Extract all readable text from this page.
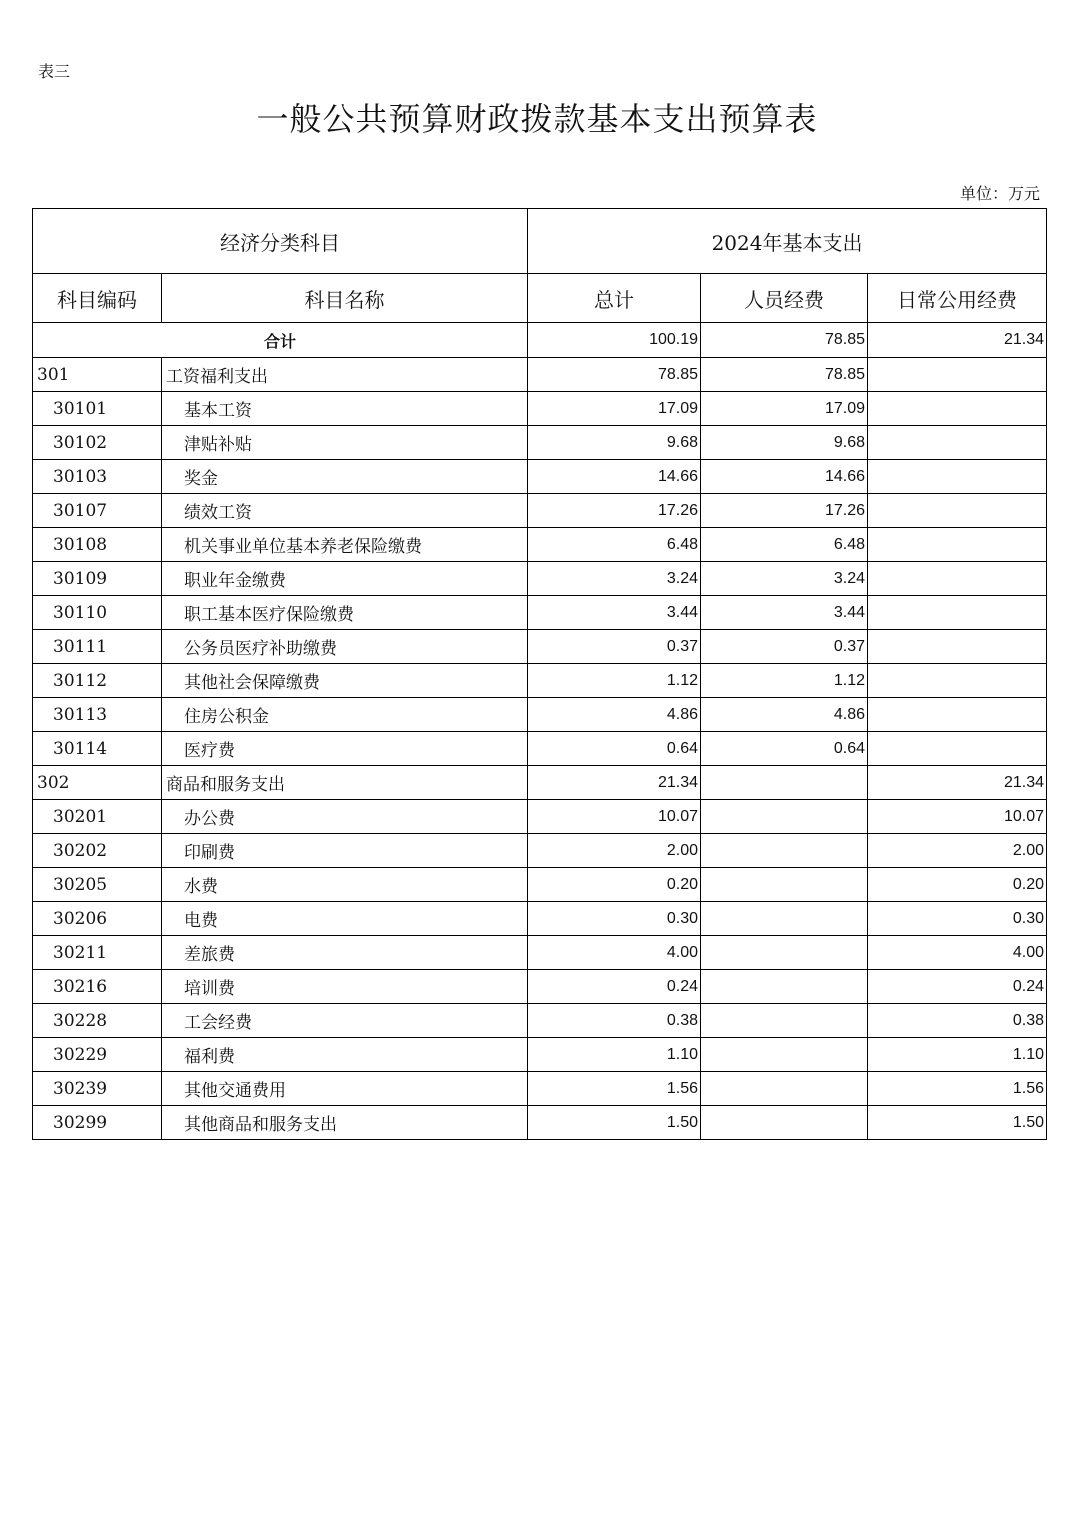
表三
一般公共预算财政拨款基本支出预算表
单位：万元
经济分类科目		2024年基本支出		
科目编码	科目名称	总计	人员经费	日常公用经费
合计		100.19	78.85	21.34
301	工资福利支出	78.85	78.85	
30101	基本工资	17.09	17.09	
30102	津贴补贴	9.68	9.68	
30103	奖金	14.66	14.66	
30107	绩效工资	17.26	17.26	
30108	机关事业单位基本养老保险缴费	6.48	6.48	
30109	职业年金缴费	3.24	3.24	
30110	职工基本医疗保险缴费	3.44	3.44	
30111	公务员医疗补助缴费	0.37	0.37	
30112	其他社会保障缴费	1.12	1.12	
30113	住房公积金	4.86	4.86	
30114	医疗费	0.64	0.64	
302	商品和服务支出	21.34		21.34
30201	办公费	10.07		10.07
30202	印刷费	2.00		2.00
30205	水费	0.20		0.20
30206	电费	0.30		0.30
30211	差旅费	4.00		4.00
30216	培训费	0.24		0.24
30228	工会经费	0.38		0.38
30229	福利费	1.10		1.10
30239	其他交通费用	1.56		1.56
30299	其他商品和服务支出	1.50		1.50
